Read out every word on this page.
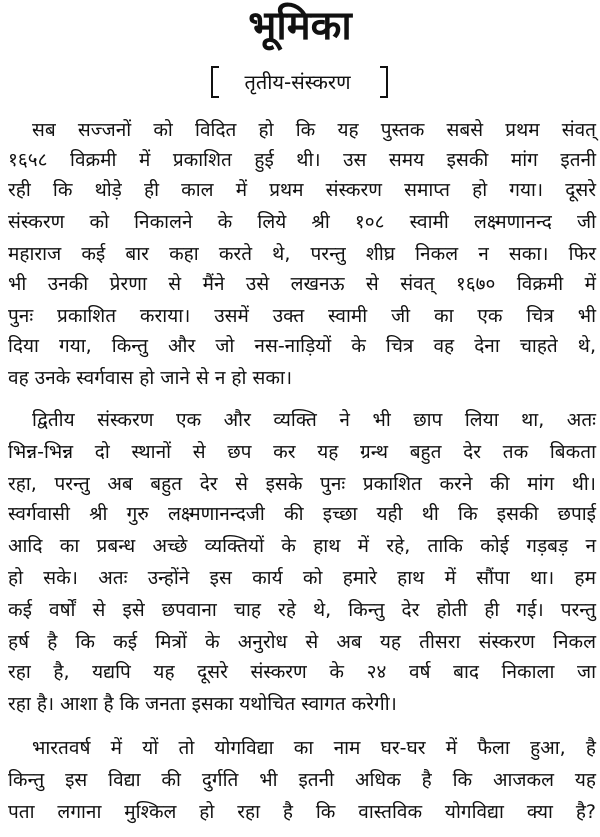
भूमिका
तृतीय-संस्करण
सब सज्जनों को विदित हो कि यह पुस्तक सबसे प्रथम संवत्
१६५८ विक्रमी में प्रकाशित हुई थी। उस समय इसकी मांग इतनी
रही कि थोड़े ही काल में प्रथम संस्करण समाप्त हो गया। दूसरे
संस्करण को निकालने के लिये श्री १०८ स्वामी लक्ष्मणानन्द जी
महाराज कई बार कहा करते थे, परन्तु शीघ्र निकल न सका। फिर
भी उनकी प्रेरणा से मैंने उसे लखनऊ से संवत् १६७० विक्रमी में
पुनः प्रकाशित कराया। उसमें उक्त स्वामी जी का एक चित्र भी
दिया गया, किन्तु और जो नस-नाड़ियों के चित्र वह देना चाहते थे,
वह उनके स्वर्गवास हो जाने से न हो सका।
द्वितीय संस्करण एक और व्यक्ति ने भी छाप लिया था, अतः
भिन्न-भिन्न दो स्थानों से छप कर यह ग्रन्थ बहुत देर तक बिकता
रहा, परन्तु अब बहुत देर से इसके पुनः प्रकाशित करने की मांग थी।
स्वर्गवासी श्री गुरु लक्ष्मणानन्दजी की इच्छा यही थी कि इसकी छपाई
आदि का प्रबन्ध अच्छे व्यक्तियों के हाथ में रहे, ताकि कोई गड़बड़ न
हो सके। अतः उन्होंने इस कार्य को हमारे हाथ में सौंपा था। हम
कई वर्षों से इसे छपवाना चाह रहे थे, किन्तु देर होती ही गई। परन्तु
हर्ष है कि कई मित्रों के अनुरोध से अब यह तीसरा संस्करण निकल
रहा है, यद्यपि यह दूसरे संस्करण के २४ वर्ष बाद निकाला जा
रहा है। आशा है कि जनता इसका यथोचित स्वागत करेगी।
भारतवर्ष में यों तो योगविद्या का नाम घर-घर में फैला हुआ, है
किन्तु इस विद्या की दुर्गति भी इतनी अधिक है कि आजकल यह
पता लगाना मुश्किल हो रहा है कि वास्तविक योगविद्या क्या है?
